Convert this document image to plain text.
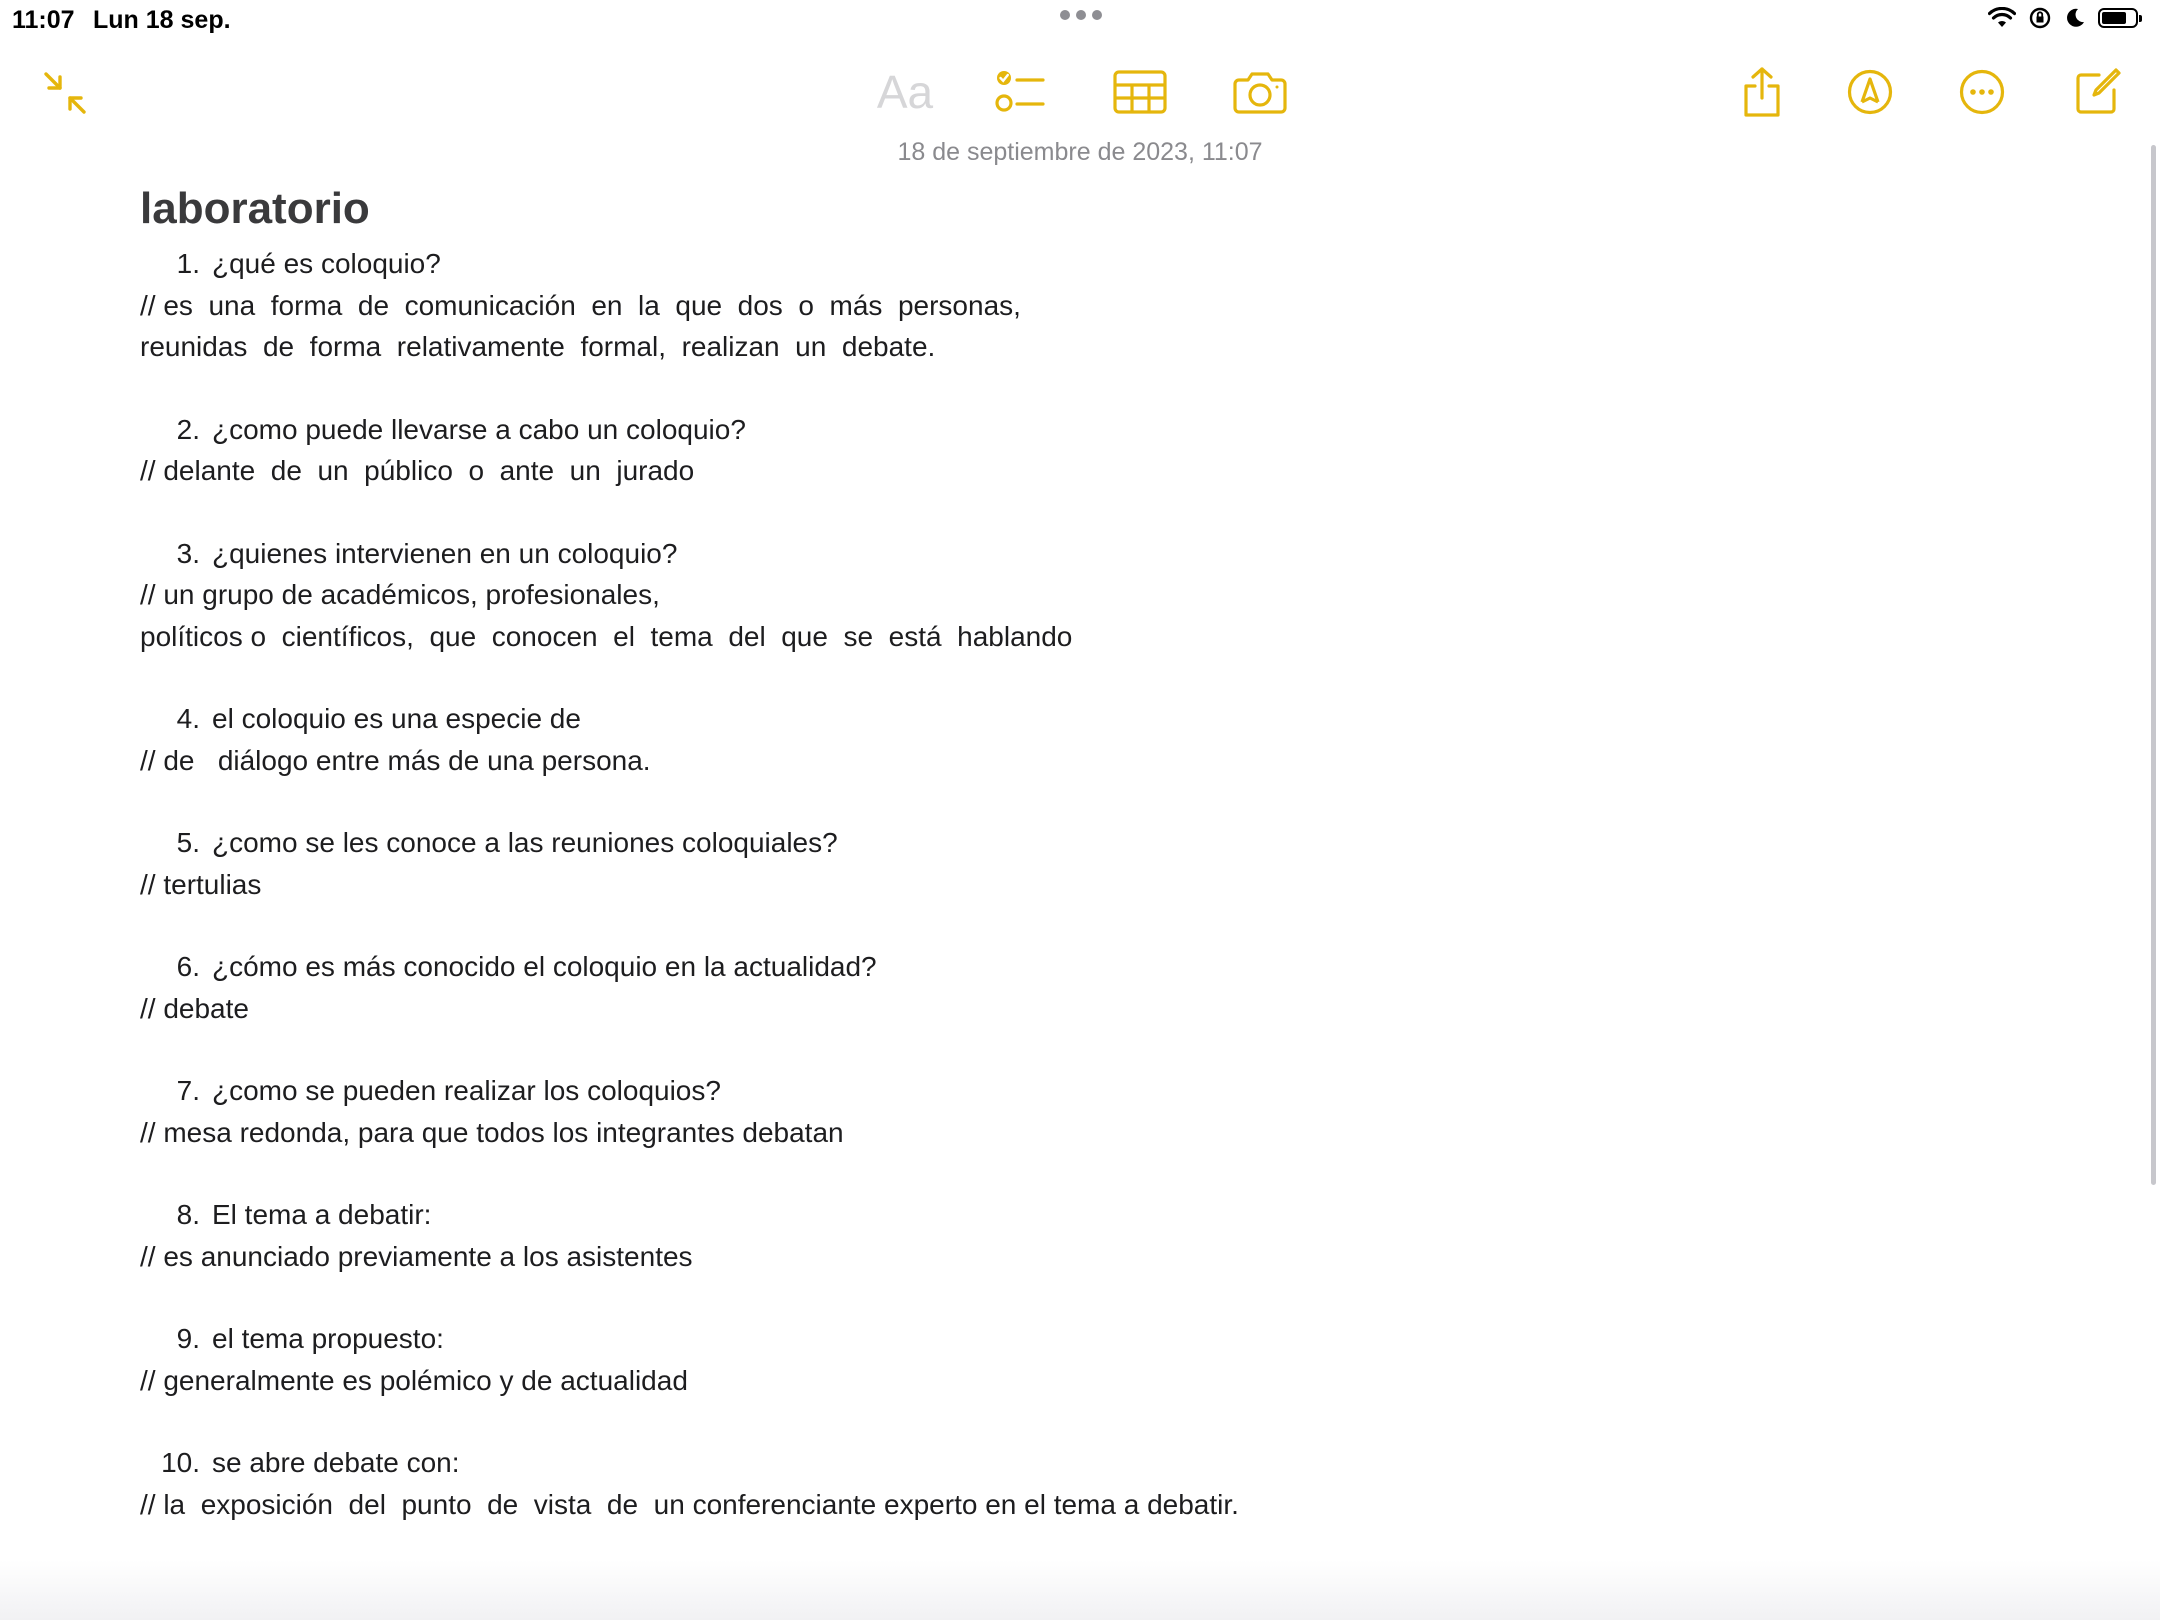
11:07 Lun 18 sep.
Aa
18 de septiembre de 2023, 11:07
laboratorio
1. ¿qué es coloquio?
// es  una  forma  de  comunicación  en  la  que  dos  o  más  personas,
reunidas  de  forma  relativamente  formal,  realizan  un  debate.
2. ¿como puede llevarse a cabo un coloquio?
// delante  de  un  público  o  ante  un  jurado
3. ¿quienes intervienen en un coloquio?
// un grupo de académicos, profesionales,
políticos o  científicos,  que  conocen  el  tema  del  que  se  está  hablando
4. el coloquio es una especie de
// de   diálogo entre más de una persona.
5. ¿como se les conoce a las reuniones coloquiales?
// tertulias
6. ¿cómo es más conocido el coloquio en la actualidad?
// debate
7. ¿como se pueden realizar los coloquios?
// mesa redonda, para que todos los integrantes debatan
8. El tema a debatir:
// es anunciado previamente a los asistentes
9. el tema propuesto:
// generalmente es polémico y de actualidad
10. se abre debate con:
// la  exposición  del  punto  de  vista  de  un conferenciante experto en el tema a debatir.
